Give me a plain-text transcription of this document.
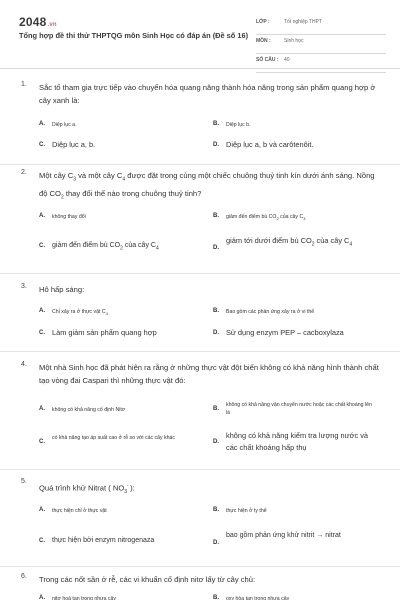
2048.vn
Tổng hợp đề thi thử THPTQG môn Sinh Học có đáp án (Đề số 16)
LỚP :	Tốt nghiệp THPT
MÔN :	Sinh học
SỐ CÂU : 40
1. Sắc tố tham gia trực tiếp vào chuyển hóa quang năng thành hóa năng trong sản phẩm quang hợp ở cây xanh là:
A. Diệp lục a.	B. Diệp lục b.
C. Diệp lục a, b.	D. Diệp lục a, b và carôtenôit.
2. Một cây $C_3$ và một cây $C_4$ được đặt trong cùng một chiếc chuông thuỷ tinh kín dưới ánh sáng. Nồng độ $CO_2$ thay đổi thế nào trong chuông thuỷ tinh?
A. không thay đổi	B. giảm đến điểm bù $CO_2$ của cây $C_3$
C. giảm đến điểm bù $CO_2$ của cây $C_4$	D.
giảm tới dưới điểm bù $CO_2$ của cây $C_4$
3. Hô hấp sáng:
A. Chỉ xảy ra ở thực vật $C_4$	B. Bao gồm các phản ứng xảy ra ở vi thể
C. Làm giảm sản phẩm quang hợp	D. Sử dụng enzym PEP – cacboxylaza
4. Một nhà Sinh học đã phát hiện ra rằng ở những thực vật đột biến không có khả năng hình thành chất tạo vòng đai Caspari thì những thực vật đó:
A. không có khả năng cố định Nitơ	B.
không có khả năng vận chuyển nước hoặc các chất khoáng lên lá
C.
có khả năng tạo áp suất cao ở rễ so với các cây khác
D.
không có khả năng kiểm tra lượng nước và các chất khoáng hấp thụ
5.
Quá trình khử Nitrat ( $NO_3^-$ ):
A. thực hiện chỉ ở thực vật	B. thực hiện ở ty thể
C. thực hiện bởi enzym nitrogenaza	D.
bao gồm phản ứng khử nitrit → nitrat
6. Trong các nốt sần ở rễ, các vi khuẩn cố định nitơ lấy từ cây chủ:
A. nitơ hoà tan trong nhựa cây	B. oxy hòa tan trong nhựa cây
